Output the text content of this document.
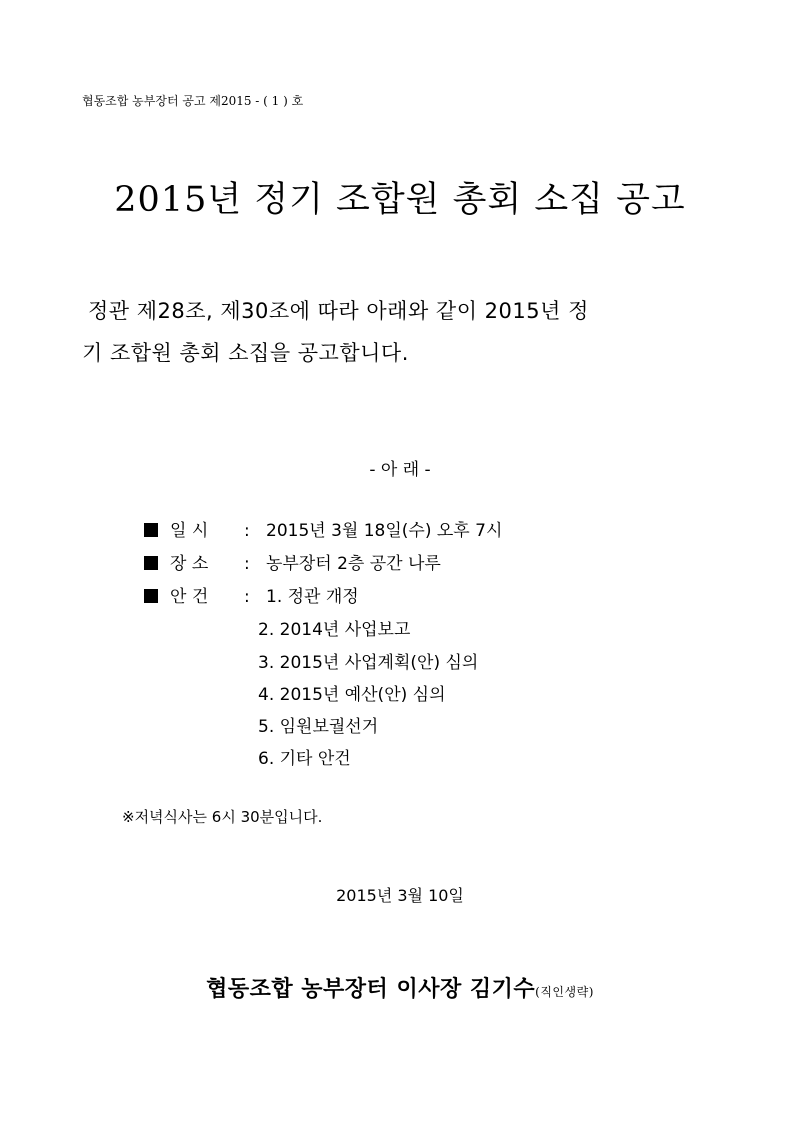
협동조합 농부장터 공고 제2015 - ( 1 ) 호
2015년 정기 조합원 총회 소집 공고
정관 제28조, 제30조에 따라 아래와 같이 2015년 정
기 조합원 총회 소집을 공고합니다.
- 아 래 -
일 시 : 2015년 3월 18일(수) 오후 7시
장 소 : 농부장터 2층 공간 나루
안 건 : 1. 정관 개정
2. 2014년 사업보고
3. 2015년 사업계획(안) 심의
4. 2015년 예산(안) 심의
5. 임원보궐선거
6. 기타 안건
※저녁식사는 6시 30분입니다.
2015년 3월 10일
협동조합 농부장터 이사장 김기수(직인생략)
